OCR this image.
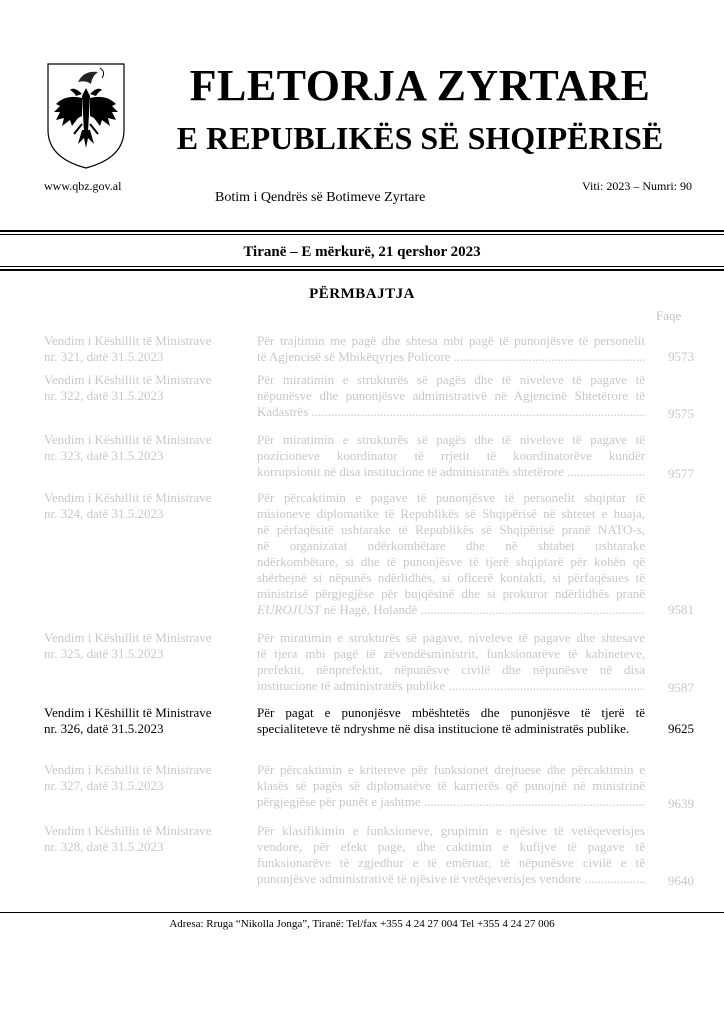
FLETORJA ZYRTARE
E REPUBLIKËS SË SHQIPËRISË
www.qbz.gov.al	Viti: 2023 – Numri: 90
Botim i Qendrës së Botimeve Zyrtare
Tiranë – E mërkurë, 21 qershor 2023
PËRMBAJTJA
Faqe
Vendim i Këshillit të Ministrave
nr. 321, datë 31.5.2023
Për trajtimin me pagë dhe shtesa mbi pagë të punonjësve të personelit
të Agjencisë së Mbikëqyrjes Policore .....	9573
Vendim i Këshillit të Ministrave
nr. 322, datë 31.5.2023
Për miratimin e strukturës së pagës dhe të niveleve të pagave të
nëpunësve dhe punonjësve administrativë në Agjencinë Shtetërore të
Kadastrës .....	9575
Vendim i Këshillit të Ministrave
nr. 323, datë 31.5.2023
Për miratimin e strukturës së pagës dhe të niveleve të pagave të
pozicioneve koordinator të rrjetit të koordinatorëve kundër
korrupsionit në disa institucione të administratës shtetërore .....	9577
Vendim i Këshillit të Ministrave
nr. 324, datë 31.5.2023
Për përcaktimin e pagave të punonjësve të personelit shqiptar të
misioneve diplomatike të Republikës së Shqipërisë në shtetet e huaja,
në përfaqësitë ushtarake të Republikës së Shqipërisë pranë NATO-s,
në organizatat ndërkombëtare dhe në shtabet ushtarake
ndërkombëtare, si dhe të punonjësve të tjerë shqiptarë për kohën që
shërbejnë si nëpunës ndërlidhës, si oficerë kontakti, si përfaqësues të
ministrisë përgjegjëse për bujqësinë dhe si prokuror ndërlidhës pranë
EUROJUST në Hagë, Holandë .....	9581
Vendim i Këshillit të Ministrave
nr. 325, datë 31.5.2023
Për miratimin e strukturës së pagave, niveleve të pagave dhe shtesave
të tjera mbi pagë të zëvendësministrit, funksionarëve të kabineteve,
prefektit, nënprefektit, nëpunësve civilë dhe nëpunësve në disa
institucione të administratës publike .....	9587
Vendim i Këshillit të Ministrave
nr. 326, datë 31.5.2023
Për pagat e punonjësve mbështetës dhe punonjësve të tjerë të
specialiteteve të ndryshme në disa institucione të administratës publike.	9625
Vendim i Këshillit të Ministrave
nr. 327, datë 31.5.2023
Për përcaktimin e kritereve për funksionet drejtuese dhe përcaktimin e
klasës së pagës së diplomatëve të karrierës që punojnë në ministrinë
përgjegjëse për punët e jashtme .....	9639
Vendim i Këshillit të Ministrave
nr. 328, datë 31.5.2023
Për klasifikimin e funksioneve, grupimin e njësive të vetëqeverisjes
vendore, për efekt page, dhe caktimin e kufijve të pagave të
funksionarëve të zgjedhur e të emëruar, të nëpunësve civilë e të
punonjësve administrativë të njësive të vetëqeverisjes vendore .....	9640
Adresa: Rruga “Nikolla Jonga”, Tiranë: Tel/fax +355 4 24 27 004 Tel +355 4 24 27 006
